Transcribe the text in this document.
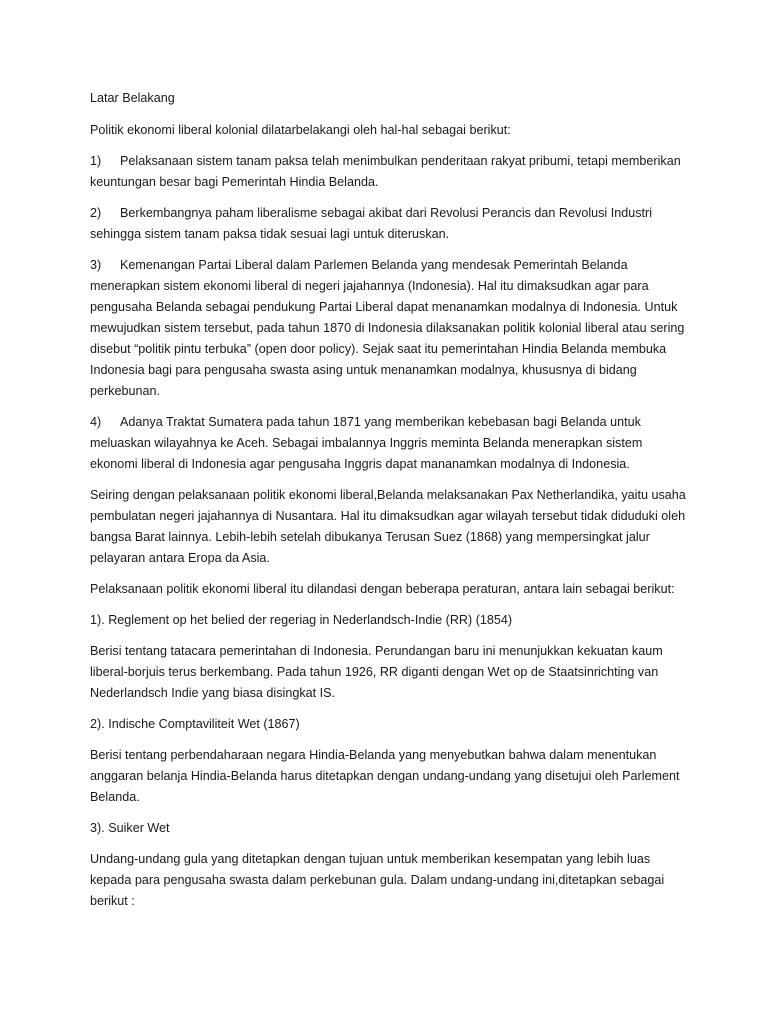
Latar Belakang

Politik ekonomi liberal kolonial dilatarbelakangi oleh hal-hal sebagai berikut:

1) Pelaksanaan sistem tanam paksa telah menimbulkan penderitaan rakyat pribumi, tetapi memberikan keuntungan besar bagi Pemerintah Hindia Belanda.

2) Berkembangnya paham liberalisme sebagai akibat dari Revolusi Perancis dan Revolusi Industri sehingga sistem tanam paksa tidak sesuai lagi untuk diteruskan.

3) Kemenangan Partai Liberal dalam Parlemen Belanda yang mendesak Pemerintah Belanda menerapkan sistem ekonomi liberal di negeri jajahannya (Indonesia). Hal itu dimaksudkan agar para pengusaha Belanda sebagai pendukung Partai Liberal dapat menanamkan modalnya di Indonesia. Untuk mewujudkan sistem tersebut, pada tahun 1870 di Indonesia dilaksanakan politik kolonial liberal atau sering disebut “politik pintu terbuka” (open door policy). Sejak saat itu pemerintahan Hindia Belanda membuka Indonesia bagi para pengusaha swasta asing untuk menanamkan modalnya, khususnya di bidang perkebunan.

4) Adanya Traktat Sumatera pada tahun 1871 yang memberikan kebebasan bagi Belanda untuk meluaskan wilayahnya ke Aceh. Sebagai imbalannya Inggris meminta Belanda menerapkan sistem ekonomi liberal di Indonesia agar pengusaha Inggris dapat mananamkan modalnya di Indonesia.

Seiring dengan pelaksanaan politik ekonomi liberal,Belanda melaksanakan Pax Netherlandika, yaitu usaha pembulatan negeri jajahannya di Nusantara. Hal itu dimaksudkan agar wilayah tersebut tidak diduduki oleh bangsa Barat lainnya. Lebih-lebih setelah dibukanya Terusan Suez (1868) yang mempersingkat jalur pelayaran antara Eropa da Asia.

Pelaksanaan politik ekonomi liberal itu dilandasi dengan beberapa peraturan, antara lain sebagai berikut:

1). Reglement op het belied der regeriag in Nederlandsch-Indie (RR) (1854)

Berisi tentang tatacara pemerintahan di Indonesia. Perundangan baru ini menunjukkan kekuatan kaum liberal-borjuis terus berkembang. Pada tahun 1926, RR diganti dengan Wet op de Staatsinrichting van Nederlandsch Indie yang biasa disingkat IS.

2). Indische Comptaviliteit Wet (1867)

Berisi tentang perbendaharaan negara Hindia-Belanda yang menyebutkan bahwa dalam menentukan anggaran belanja Hindia-Belanda harus ditetapkan dengan undang-undang yang disetujui oleh Parlement Belanda.

3). Suiker Wet

Undang-undang gula yang ditetapkan dengan tujuan untuk memberikan kesempatan yang lebih luas kepada para pengusaha swasta dalam perkebunan gula. Dalam undang-undang ini,ditetapkan sebagai berikut :
